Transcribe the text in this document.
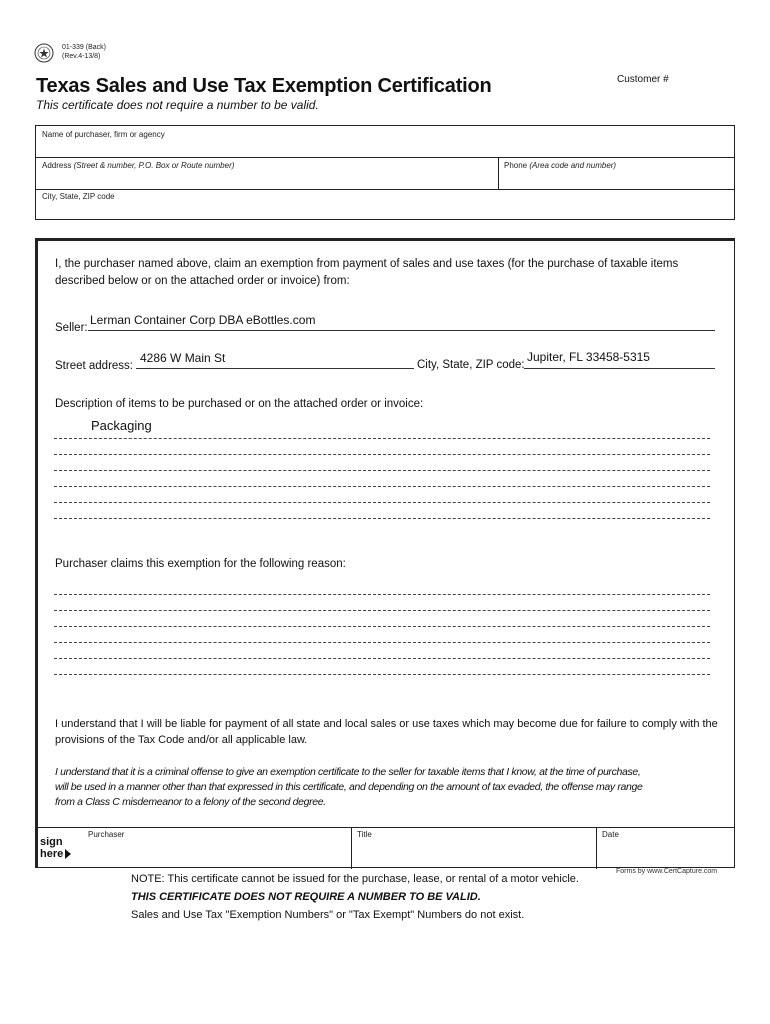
01-339 (Back)
(Rev.4-13/8)
Texas Sales and Use Tax Exemption Certification
This certificate does not require a number to be valid.
Customer #
Name of purchaser, firm or agency
Address (Street & number, P.O. Box or Route number)	Phone (Area code and number)
City, State, ZIP code
I, the purchaser named above, claim an exemption from payment of sales and use taxes (for the purchase of taxable items described below or on the attached order or invoice) from:
Seller:
Lerman Container Corp DBA eBottles.com
Street address:
4286 W Main St	City, State, ZIP code:
Jupiter, FL 33458-5315
Description of items to be purchased or on the attached order or invoice:
Packaging
Purchaser claims this exemption for the following reason:
I understand that I will be liable for payment of all state and local sales or use taxes which may become due for failure to comply with the provisions of the Tax Code and/or all applicable law.
I understand that it is a criminal offense to give an exemption certificate to the seller for taxable items that I know, at the time of purchase,
will be used in a manner other than that expressed in this certificate, and depending on the amount of tax evaded, the offense may range
from a Class C misdemeanor to a felony of the second degree.
Purchaser	Title	Date
sign
here
NOTE: This certificate cannot be issued for the purchase, lease, or rental of a motor vehicle.
THIS CERTIFICATE DOES NOT REQUIRE A NUMBER TO BE VALID.
Sales and Use Tax "Exemption Numbers" or "Tax Exempt" Numbers do not exist.
Forms by www.CertCapture.com
